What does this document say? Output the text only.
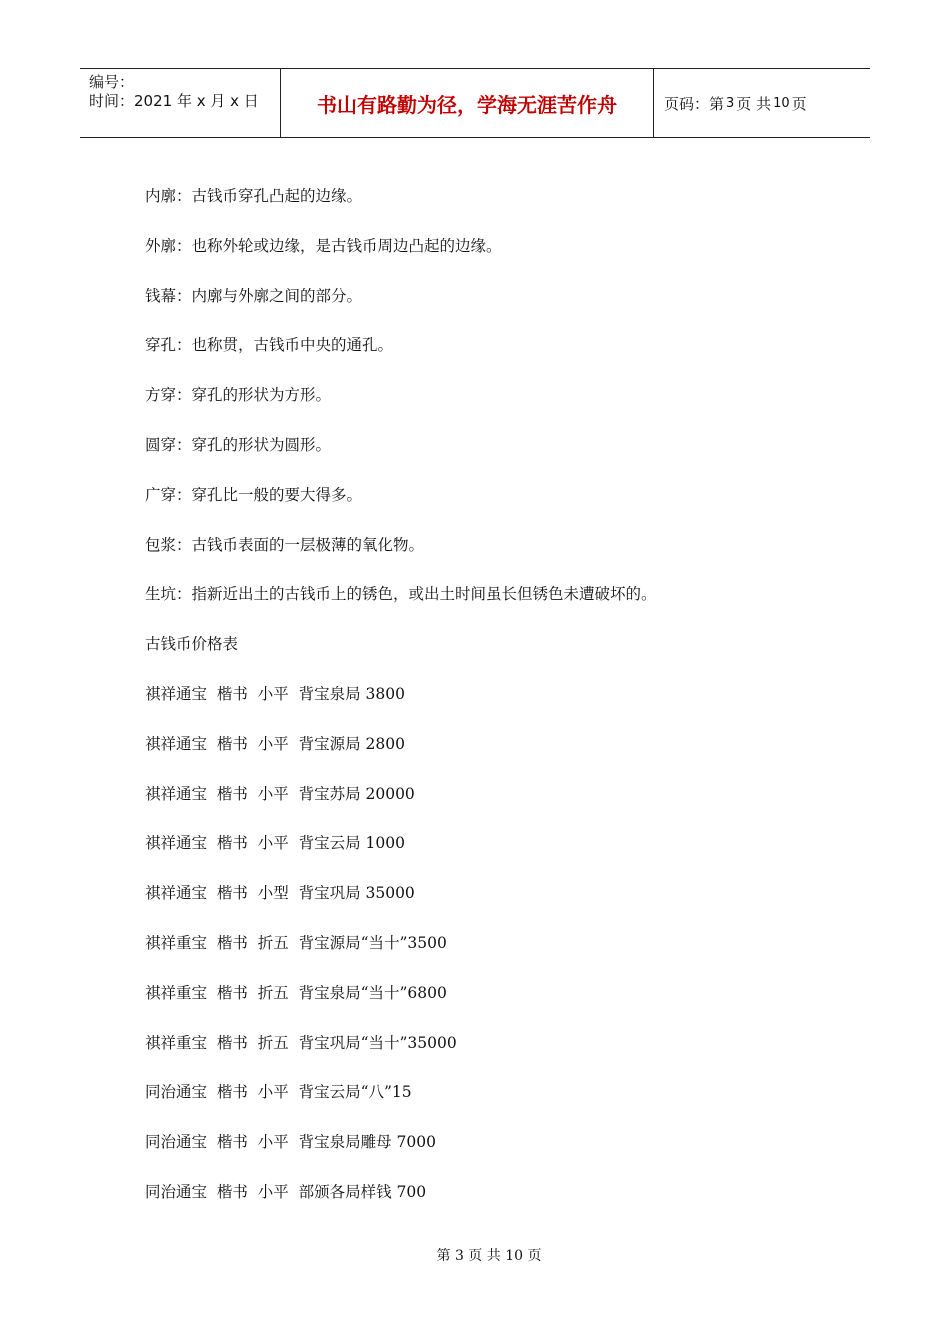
编号：
时间：2021 年 x 月 x 日	书山有路勤为径，学海无涯苦作舟	页码：第 3 页 共 10 页
内廓：古钱币穿孔凸起的边缘。
外廓：也称外轮或边缘，是古钱币周边凸起的边缘。
钱幕：内廓与外廓之间的部分。
穿孔：也称贯，古钱币中央的通孔。
方穿：穿孔的形状为方形。
圆穿：穿孔的形状为圆形。
广穿：穿孔比一般的要大得多。
包浆：古钱币表面的一层极薄的氧化物。
生坑：指新近出土的古钱币上的锈色，或出土时间虽长但锈色未遭破坏的。
古钱币价格表
祺祥通宝  楷书  小平  背宝泉局 3800
祺祥通宝  楷书  小平  背宝源局 2800
祺祥通宝  楷书  小平  背宝苏局 20000
祺祥通宝  楷书  小平  背宝云局 1000
祺祥通宝  楷书  小型  背宝巩局 35000
祺祥重宝  楷书  折五  背宝源局“当十”3500
祺祥重宝  楷书  折五  背宝泉局“当十”6800
祺祥重宝  楷书  折五  背宝巩局“当十”35000
同治通宝  楷书  小平  背宝云局“八”15
同治通宝  楷书  小平  背宝泉局雕母 7000
同治通宝  楷书  小平  部颁各局样钱 700
第 3 页 共 10 页
